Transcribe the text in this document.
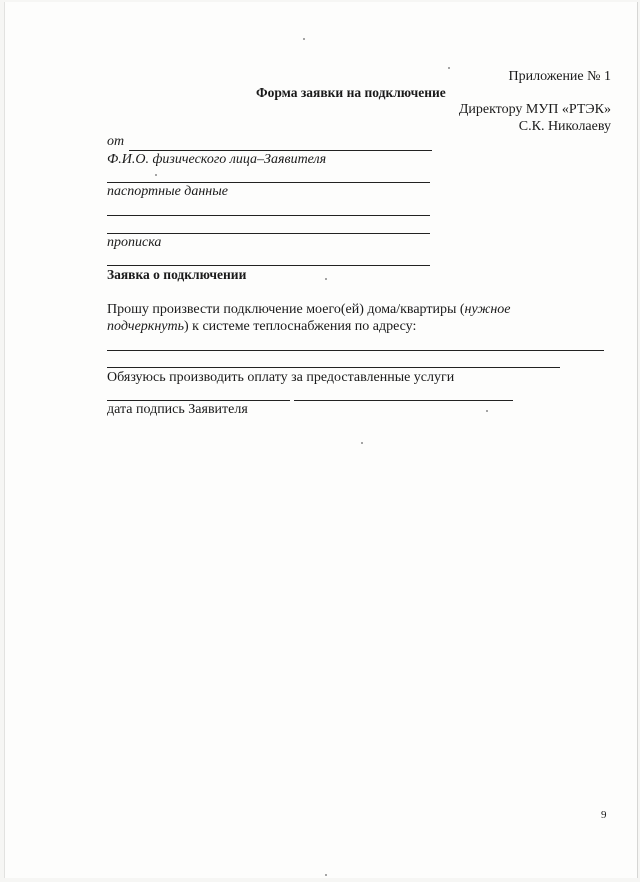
Приложение № 1
Форма заявки на подключение
Директору МУП «РТЭК»
С.К. Николаеву
от
Ф.И.О. физического лица–Заявителя
паспортные данные
прописка
Заявка о подключении
Прошу произвести подключение моего(ей) дома/квартиры (нужное
подчеркнуть) к системе теплоснабжения по адресу:
Обязуюсь производить оплату за предоставленные услуги
дата подпись Заявителя
9
